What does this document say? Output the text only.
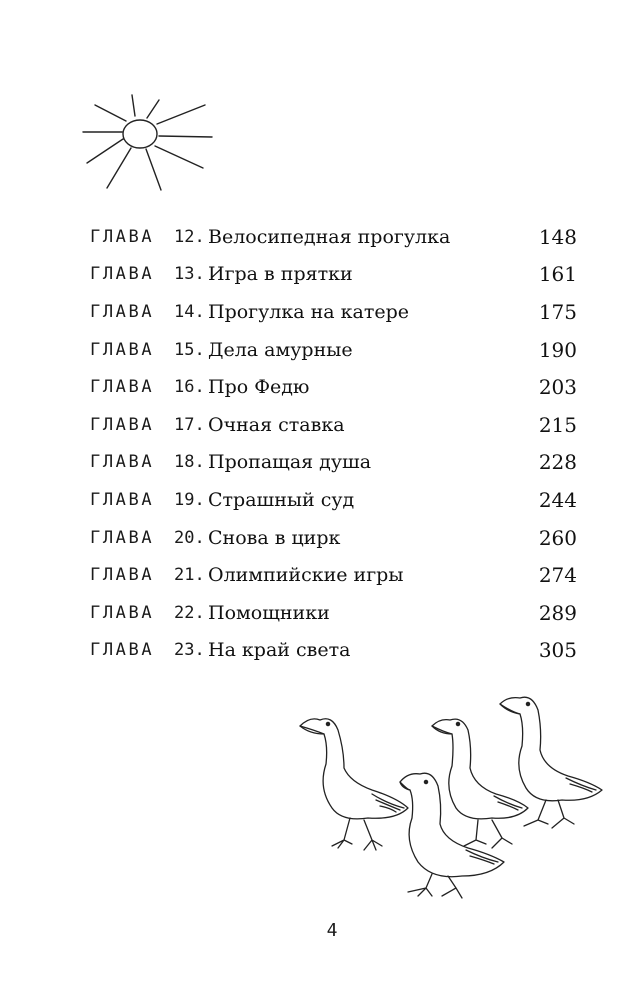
ГЛАВА	12. Велосипедная прогулка	148
ГЛАВА	13. Игра в прятки	161
ГЛАВА	14. Прогулка на катере	175
ГЛАВА	15. Дела амурные	190
ГЛАВА	16. Про Федю	203
ГЛАВА	17. Очная ставка	215
ГЛАВА	18. Пропащая душа	228
ГЛАВА	19. Страшный суд	244
ГЛАВА	20. Снова в цирк	260
ГЛАВА	21. Олимпийские игры	274
ГЛАВА	22. Помощники	289
ГЛАВА	23. На край света	305
4
